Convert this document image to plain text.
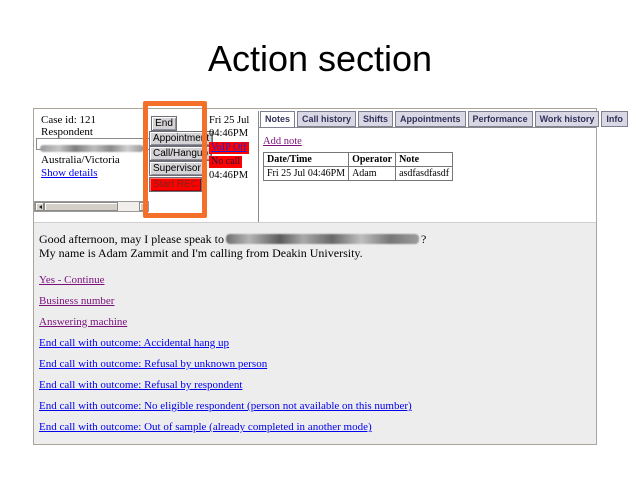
Action section
Case id: 121
Respondent
Australia/Victoria
Show details
End
Appointment
Call/Hangup
Supervisor
Start REC
Fri 25 Jul
04:46PM
VoIP Off
No call
04:46PM
Notes	Call history	Shifts	Appointments	Performance	Work history	Info
Add note
Date/Time	Operator	Note
Fri 25 Jul 04:46PM	Adam	asdfasdfasdf

Good afternoon, may I please speak to	?

My name is Adam Zammit and I'm calling from Deakin University.

Yes - Continue
Business number
Answering machine
End call with outcome: Accidental hang up
End call with outcome: Refusal by unknown person
End call with outcome: Refusal by respondent
End call with outcome: No eligible respondent (person not available on this number)
End call with outcome: Out of sample (already completed in another mode)
